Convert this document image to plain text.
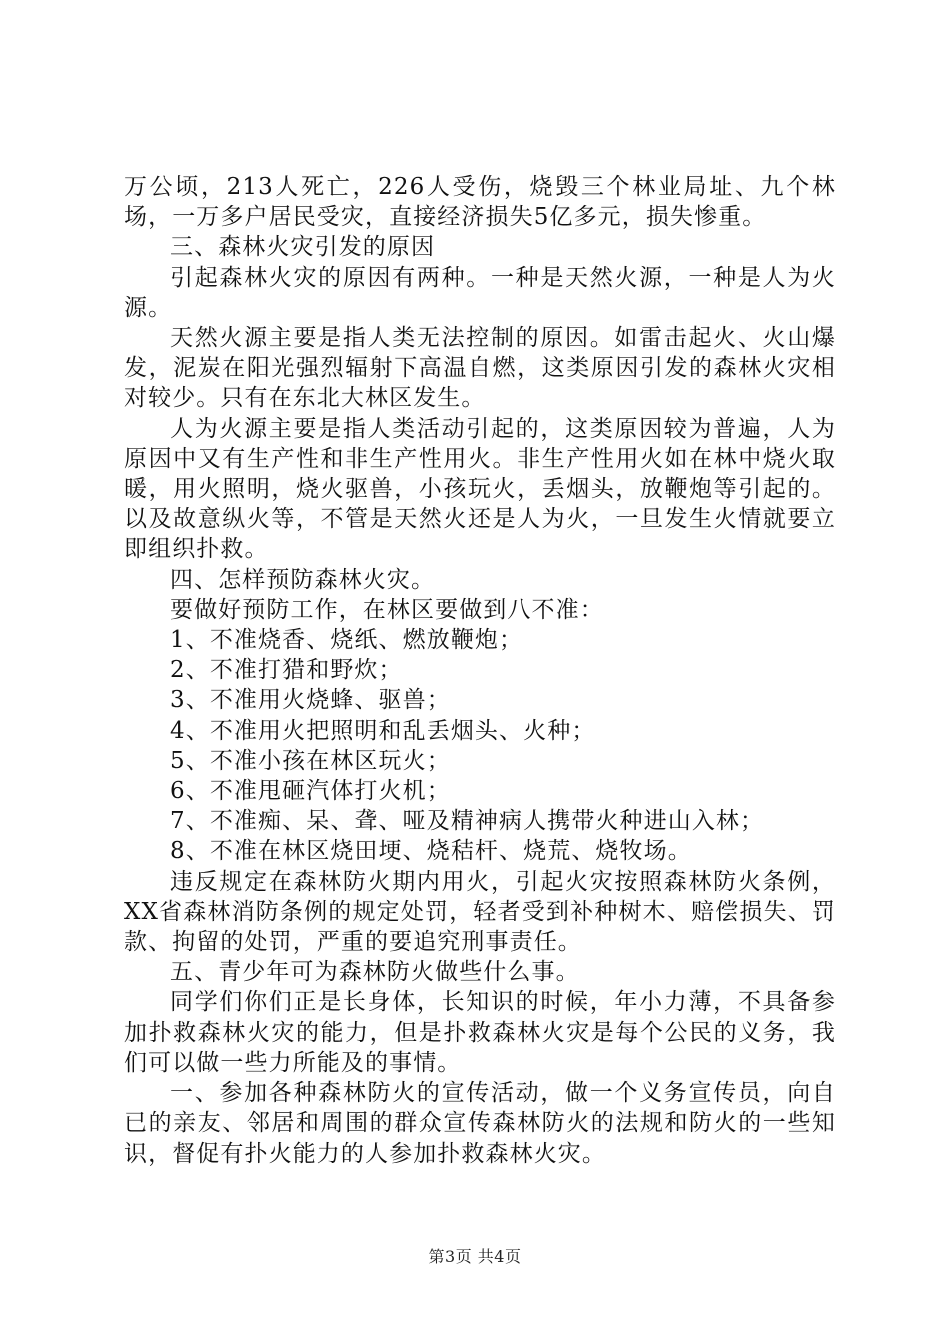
万公顷，213人死亡，226人受伤，烧毁三个林业局址、九个林场，一万多户居民受灾，直接经济损失5亿多元，损失惨重。

三、森林火灾引发的原因

引起森林火灾的原因有两种。一种是天然火源，一种是人为火源。

天然火源主要是指人类无法控制的原因。如雷击起火、火山爆发，泥炭在阳光强烈辐射下高温自燃，这类原因引发的森林火灾相对较少。只有在东北大林区发生。

人为火源主要是指人类活动引起的，这类原因较为普遍，人为原因中又有生产性和非生产性用火。非生产性用火如在林中烧火取暖，用火照明，烧火驱兽，小孩玩火，丢烟头，放鞭炮等引起的。以及故意纵火等，不管是天然火还是人为火，一旦发生火情就要立即组织扑救。

四、怎样预防森林火灾。

要做好预防工作，在林区要做到八不准：

1、不准烧香、烧纸、燃放鞭炮；

2、不准打猎和野炊；

3、不准用火烧蜂、驱兽；

4、不准用火把照明和乱丢烟头、火种；

5、不准小孩在林区玩火；

6、不准甩砸汽体打火机；

7、不准痴、呆、聋、哑及精神病人携带火种进山入林；

8、不准在林区烧田埂、烧秸杆、烧荒、烧牧场。

违反规定在森林防火期内用火，引起火灾按照森林防火条例，XX省森林消防条例的规定处罚，轻者受到补种树木、赔偿损失、罚款、拘留的处罚，严重的要追究刑事责任。

五、青少年可为森林防火做些什么事。

同学们你们正是长身体，长知识的时候，年小力薄，不具备参加扑救森林火灾的能力，但是扑救森林火灾是每个公民的义务，我们可以做一些力所能及的事情。

一、参加各种森林防火的宣传活动，做一个义务宣传员，向自已的亲友、邻居和周围的群众宣传森林防火的法规和防火的一些知识，督促有扑火能力的人参加扑救森林火灾。

第3页 共4页
